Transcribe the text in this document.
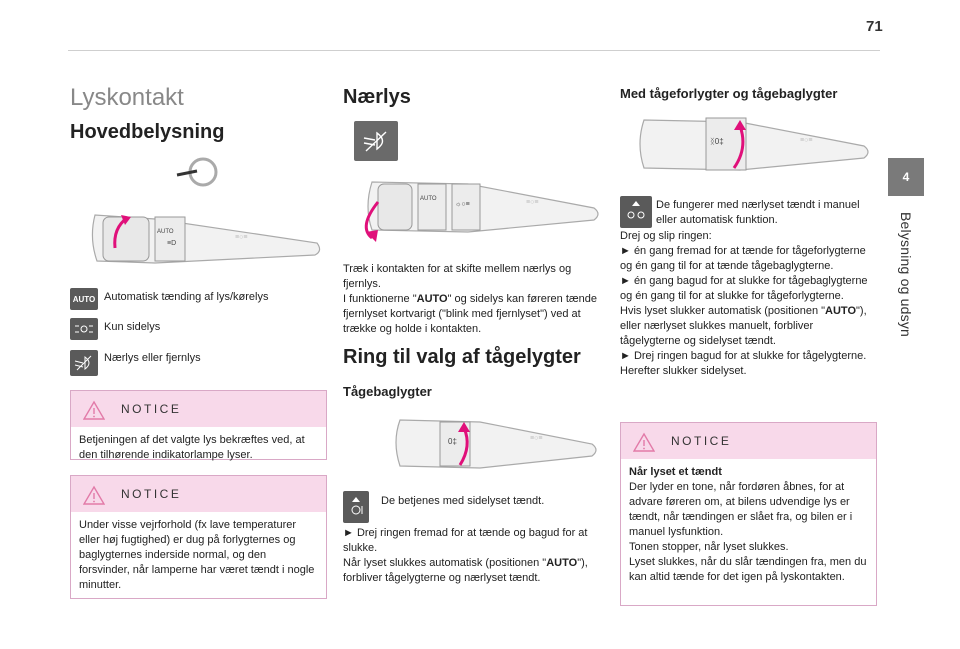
71
4
Belysning og udsyn
Lyskontakt
Hovedbelysning
AUTO
≡D
≡○≡
AUTO Automatisk tænding af lys/kørelys
Kun sidelys
Nærlys eller fjernlys
NOTICE
Betjeningen af det valgte lys bekræftes ved, at den tilhørende indikatorlampe lyser.
NOTICE
Under visse vejrforhold (fx lave temperaturer eller høj fugtighed) er dug på forlygternes og baglygternes inderside normal, og den forsvinder, når lamperne har været tændt i nogle minutter.
Nærlys
AUTO
☼○≡	≡○≡
Træk i kontakten for at skifte mellem nærlys og fjernlys.
I funktionerne "AUTO" og sidelys kan føreren tænde fjernlyset kortvarigt ("blink med fjernlyset") ved at trække og holde i kontakten.
Ring til valg af tågelygter
Tågebaglygter
0‡	≡○≡
De betjenes med sidelyset tændt.
► Drej ringen fremad for at tænde og bagud for at slukke.
Når lyset slukkes automatisk (positionen "AUTO"), forbliver tågelygterne og nærlyset tændt.
Med tågeforlygter og tågebaglygter
ᛝ0‡	≡○≡
De fungerer med nærlyset tændt i manuel eller automatisk funktion.
Drej og slip ringen:
► én gang fremad for at tænde for tågeforlygterne og én gang til for at tænde tågebaglygterne.
► én gang bagud for at slukke for tågebaglygterne og én gang til for at slukke for tågeforlygterne.
Hvis lyset slukker automatisk (positionen "AUTO"), eller nærlyset slukkes manuelt, forbliver tågelygterne og sidelyset tændt.
► Drej ringen bagud for at slukke for tågelygterne. Herefter slukker sidelyset.
NOTICE
Når lyset et tændt
Der lyder en tone, når fordøren åbnes, for at advare føreren om, at bilens udvendige lys er tændt, når tændingen er slået fra, og bilen er i manuel lysfunktion.
Tonen stopper, når lyset slukkes.
Lyset slukkes, når du slår tændingen fra, men du kan altid tænde for det igen på lyskontakten.
